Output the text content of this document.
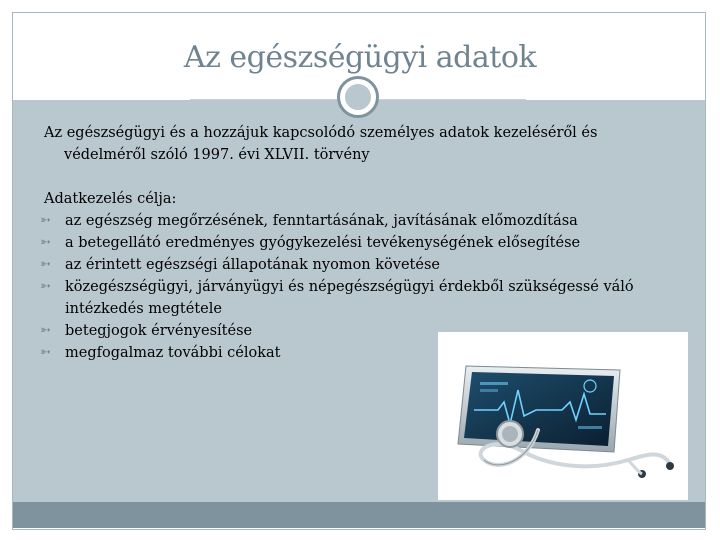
Az egészségügyi adatok

Az egészségügyi és a hozzájuk kapcsolódó személyes adatok kezeléséről és
védelméről szóló 1997. évi XLVII. törvény

Adatkezelés célja:

➳ az egészség megőrzésének, fenntartásának, javításának előmozdítása
➳ a betegellátó eredményes gyógykezelési tevékenységének elősegítése
➳ az érintett egészségi állapotának nyomon követése
➳ közegészségügyi, járványügyi és népegészségügyi érdekből szükségessé váló intézkedés megtétele
➳ betegjogok érvényesítése
➳ megfogalmaz további célokat
